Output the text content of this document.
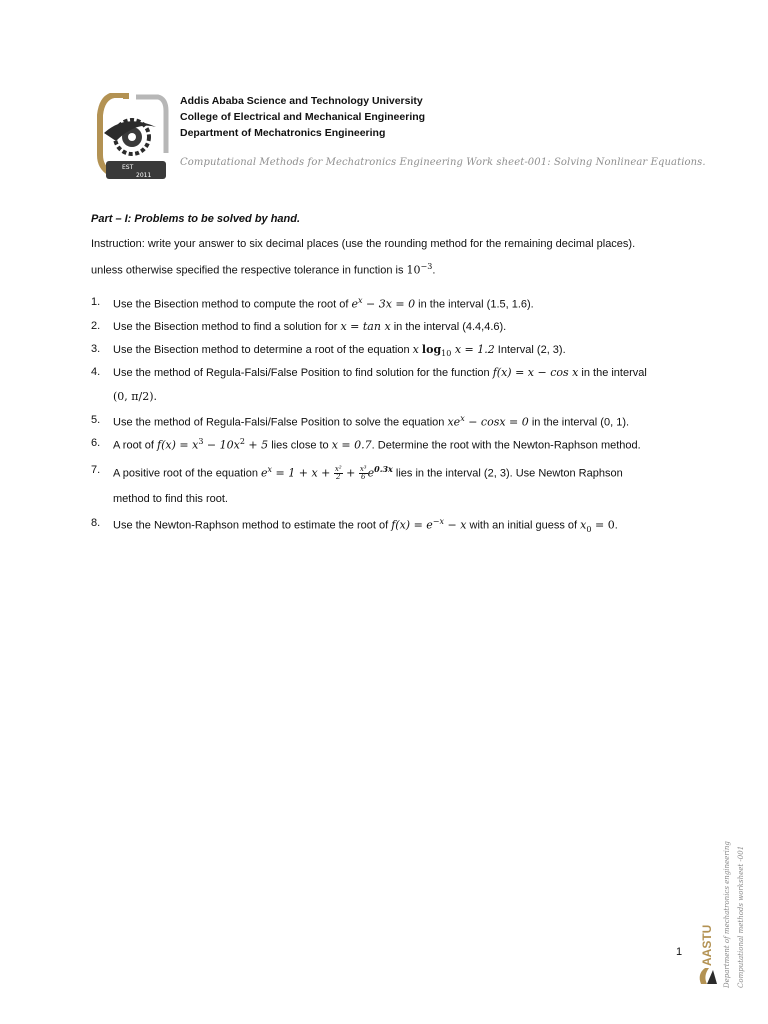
EST
2011
Addis Ababa Science and Technology University
College of Electrical and Mechanical Engineering
Department of Mechatronics Engineering
Computational Methods for Mechatronics Engineering Work sheet-001: Solving Nonlinear Equations.
Part – I: Problems to be solved by hand.
Instruction: write your answer to six decimal places (use the rounding method for the remaining decimal places).
unless otherwise specified the respective tolerance in function is $10^{-3}$.
1. Use the Bisection method to compute the root of $e^x - 3x = 0$ in the interval (1.5, 1.6).
2. Use the Bisection method to find a solution for x = tan x in the interval (4.4,4.6).
3. Use the Bisection method to determine a root of the equation x $\log_{10} x = 1.2$ Interval (2, 3).
4. Use the method of Regula-Falsi/False Position to find solution for the function f(x) = x − cos x in the interval
(0, π/2).
5. Use the method of Regula-Falsi/False Position to solve the equation $xe^x - \cos x = 0$ in the interval (0, 1).
6. A root of $f(x) = x^3 - 10x^2 + 5$ lies close to x = 0.7. Determine the root with the Newton-Raphson method.
7. A positive root of the equation $e^x = 1 + x + \frac{\text{x²}}{2} + \frac{\text{x³}}{6} e^{0.3x}$ lies in the interval (2, 3). Use Newton Raphson
method to find this root.
8. Use the Newton-Raphson method to estimate the root of $f(x) = e^{-x} - x$ with an initial guess of $x_0 = 0$.
1 AASTU Department of mechatronics engineering Computational methods worksheet -001
